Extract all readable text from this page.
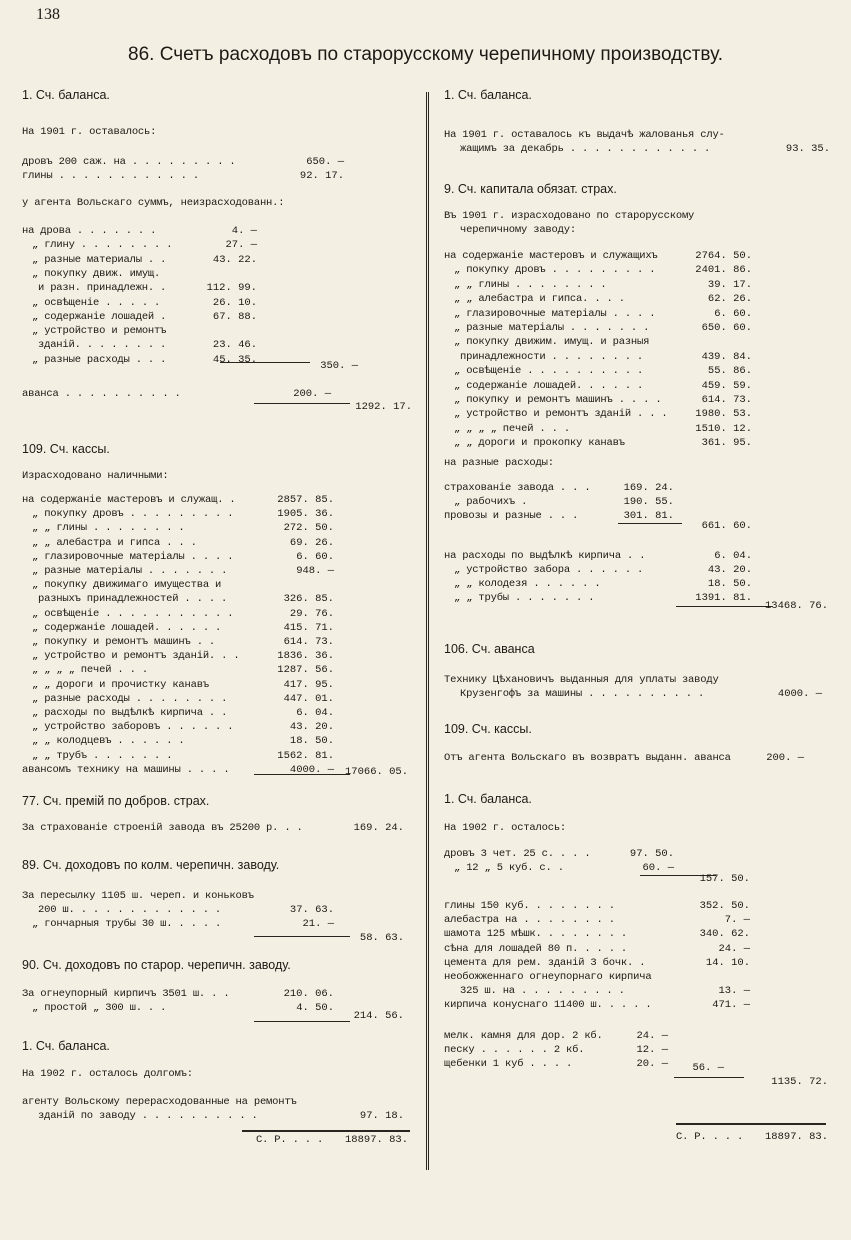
138
86. Счетъ расходовъ по старорусскому черепичному производству.
1. Сч. баланса.
На 1901 г. оставалось:
у агента Вольскаго суммъ, неизрасходованн.:
350. —
аванса . . . . . . . . . .	200. —
1292. 17.
109. Сч. кассы.
Израсходовано наличными:
17066. 05.
77. Сч. премій по добров. страх.
За страхованіе строеній завода въ 25200 р. . .	169. 24.
89. Сч. доходовъ по колм. черепичн. заводу.
58. 63.
90. Сч. доходовъ по старор. черепичн. заводу.
214. 56.
1. Сч. баланса.
На 1902 г. осталось долгомъ:
С. Р. . . . 18897. 83.
дровъ 200 саж. на . . . . . . . . .	650. —
глины . . . . . . . . . . . .	92. 17.
на дрова . . . . . . .	4. —
„ глину . . . . . . . .	27. —
„ разные материалы . .	43. 22.
„ покупку движ. имущ.
и разн. принадлежн. .	112. 99.
„ освѣщеніе . . . . .	26. 10.
„ содержаніе лошадей .	67. 88.
„ устройство и ремонтъ
зданій. . . . . . . .	23. 46.
„ разные расходы . . .	45. 35.
на содержаніе мастеровъ и служащ. .	2857. 85.
„ покупку дровъ . . . . . . . . .	1905. 36.
„ „ глины . . . . . . . .	272. 50.
„ „ алебастра и гипса . . .	69. 26.
„ глазировочные матеріалы . . . .	6. 60.
„ разные матеріалы . . . . . . .	948. —
„ покупку движимаго имущества и
разныхъ принадлежностей . . . .	326. 85.
„ освѣщеніе . . . . . . . . . . .	29. 76.
„ содержаніе лошадей. . . . . .	415. 71.
„ покупку и ремонтъ машинъ . .	614. 73.
„ устройство и ремонтъ зданій. . .	1836. 36.
„ „ „ „ печей . . .	1287. 56.
„ „ дороги и прочистку канавъ	417. 95.
„ разные расходы . . . . . . . .	447. 01.
„ расходы по выдѣлкѣ кирпича . .	6. 04.
„ устройство заборовъ . . . . . .	43. 20.
„ „ колодцевъ . . . . . .	18. 50.
„ „ трубъ . . . . . . .	1562. 81.
авансомъ технику на машины . . . .	4000. —
За пересылку 1105 ш. череп. и коньковъ
200 ш. . . . . . . . . . . . .	37. 63.
„ гончарныя трубы 30 ш. . . . .	21. —
За огнеупорный кирпичъ 3501 ш. . .	210. 06.
„ простой „ 300 ш. . .	4. 50.
агенту Вольскому перерасходованные на ремонтъ
зданій по заводу . . . . . . . . . .	97. 18.
1. Сч. баланса.
9. Сч. капитала обязат. страх.
Въ 1901 г. израсходовано по старорусскому
черепичному заводу:
на разные расходы:
661. 60.
13468. 76.
106. Сч. аванса
109. Сч. кассы.
Отъ агента Вольскаго въ возвратъ выданн. аванса	200. —
1. Сч. баланса.
На 1902 г. осталось:
157. 50.
56. —
1135. 72.
С. Р. . . . 18897. 83.
На 1901 г. оставалось къ выдачѣ жалованья слу-
жащимъ за декабрь . . . . . . . . . . . .	93. 35.
на содержаніе мастеровъ и служащихъ	2764. 50.
„ покупку дровъ . . . . . . . . .	2401. 86.
„ „ глины . . . . . . . .	39. 17.
„ „ алебастра и гипса. . . .	62. 26.
„ глазировочные матеріалы . . . .	6. 60.
„ разные матеріалы . . . . . . .	650. 60.
„ покупку движим. имущ. и разныя
принадлежности . . . . . . . .	439. 84.
„ освѣщеніе . . . . . . . . . .	55. 86.
„ содержаніе лошадей. . . . . .	459. 59.
„ покупку и ремонтъ машинъ . . . .	614. 73.
„ устройство и ремонтъ зданій . . .	1980. 53.
„ „ „ „ печей . . .	1510. 12.
„ „ дороги и прокопку канавъ	361. 95.
страхованіе завода . . .	169. 24.
„ рабочихъ .	190. 55.
провозы и разные . . .	301. 81.
на расходы по выдѣлкѣ кирпича . .	6. 04.
„ устройство забора . . . . . .	43. 20.
„ „ колодезя . . . . . .	18. 50.
„ „ трубы . . . . . . .	1391. 81.
Технику Цѣхановичъ выданныя для уплаты заводу
Крузенгофъ за машины . . . . . . . . . .	4000. —
дровъ 3 чет. 25 с. . . .	97. 50.
„ 12 „ 5 куб. с. .	60. —
глины 150 куб. . . . . . . .	352. 50.
алебастра на . . . . . . . .	7. —
шамота 125 мѣшк. . . . . . . .	340. 62.
сѣна для лошадей 80 п. . . . .	24. —
цемента для рем. зданій 3 бочк. .	14. 10.
необожженнаго огнеупорнаго кирпича
325 ш. на . . . . . . . . .	13. —
кирпича конуснаго 11400 ш. . . . .	471. —
мелк. камня для дор. 2 кб.	24. —
песку . . . . . . 2 кб.	12. —
щебенки 1 куб . . . .	20. —
